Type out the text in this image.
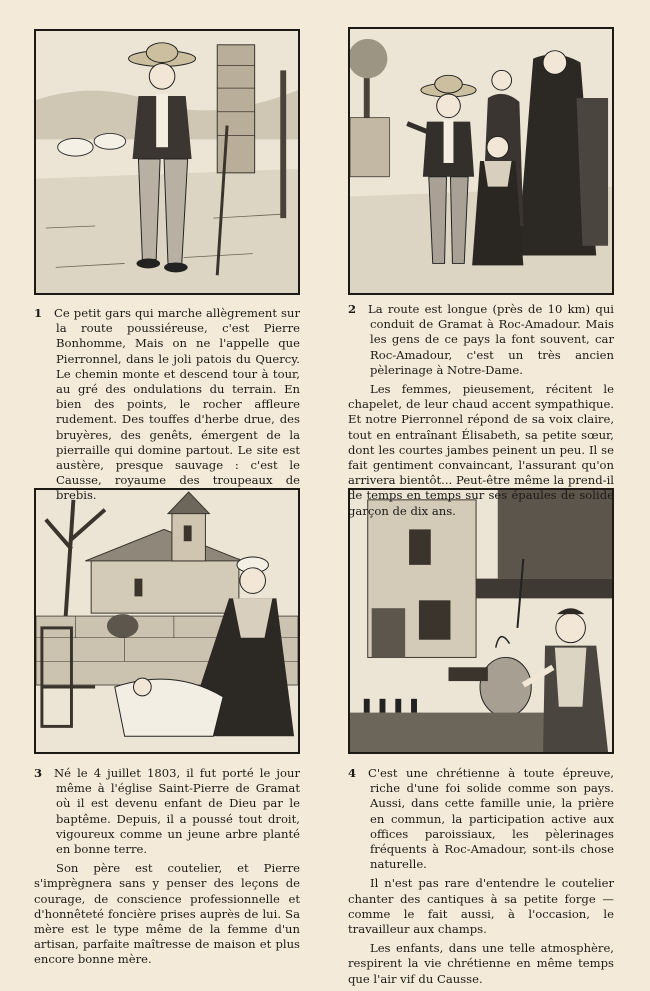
1 Ce petit gars qui marche allègrement sur la route poussiéreuse, c'est Pierre Bonhomme, Mais on ne l'appelle que Pierronnel, dans le joli patois du Quercy. Le chemin monte et descend tour à tour, au gré des ondulations du terrain. En bien des points, le rocher affleure rudement. Des touffes d'herbe drue, des bruyères, des genêts, émergent de la pierraille qui domine partout. Le site est austère, presque sauvage : c'est le Causse, royaume des troupeaux de brebis.

2 La route est longue (près de 10 km) qui conduit de Gramat à Roc-Amadour. Mais les gens de ce pays la font souvent, car Roc-Amadour, c'est un très ancien pèlerinage à Notre-Dame.

Les femmes, pieusement, récitent le chapelet, de leur chaud accent sympathique. Et notre Pierronnel répond de sa voix claire, tout en entraînant Élisabeth, sa petite sœur, dont les courtes jambes peinent un peu. Il se fait gentiment convaincant, l'assurant qu'on arrivera bientôt... Peut-être même la prend-il de temps en temps sur ses épaules de solide garçon de dix ans.

3 Né le 4 juillet 1803, il fut porté le jour même à l'église Saint-Pierre de Gramat où il est devenu enfant de Dieu par le baptême. Depuis, il a poussé tout droit, vigoureux comme un jeune arbre planté en bonne terre.

Son père est coutelier, et Pierre s'imprègnera sans y penser des leçons de courage, de conscience professionnelle et d'honnêteté foncière prises auprès de lui. Sa mère est le type même de la femme d'un artisan, parfaite maîtresse de maison et plus encore bonne mère.

4 C'est une chrétienne à toute épreuve, riche d'une foi solide comme son pays. Aussi, dans cette famille unie, la prière en commun, la participation active aux offices paroissiaux, les pèlerinages fréquents à Roc-Amadour, sont-ils chose naturelle.

Il n'est pas rare d'entendre le coutelier chanter des cantiques à sa petite forge — comme le fait aussi, à l'occasion, le travailleur aux champs.

Les enfants, dans une telle atmosphère, respirent la vie chrétienne en même temps que l'air vif du Causse.
